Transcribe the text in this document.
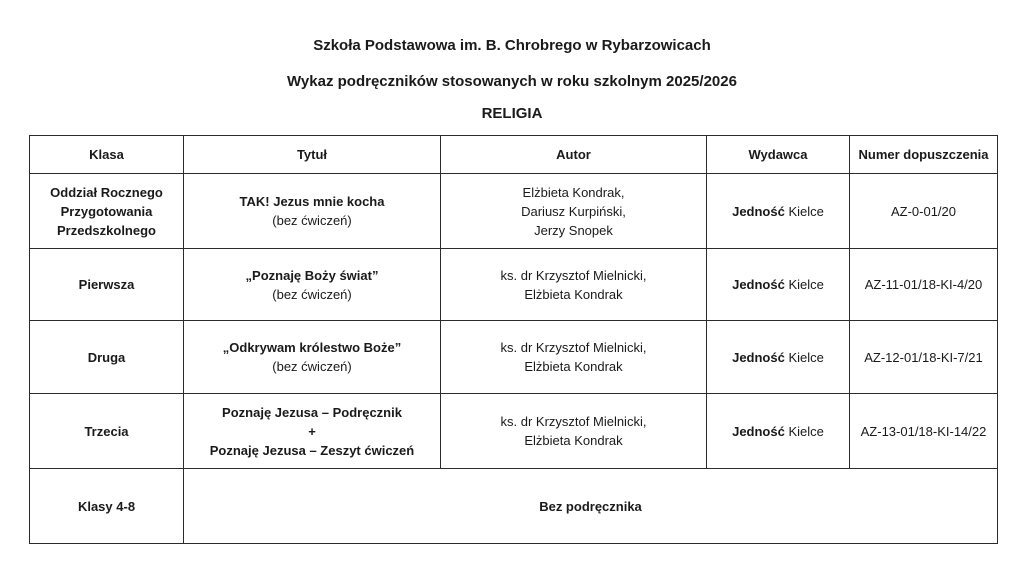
Szkoła Podstawowa im. B. Chrobrego w Rybarzowicach
Wykaz podręczników stosowanych w roku szkolnym 2025/2026
RELIGIA
Klasa	Tytuł	Autor	Wydawca	Numer dopuszczenia

Oddział Rocznego
Przygotowania
Przedszkolnego	TAK! Jezus mnie kocha
(bez ćwiczeń)	Elżbieta Kondrak,
Dariusz Kurpiński,
Jerzy Snopek	Jedność Kielce	AZ-0-01/20

Pierwsza	„Poznaję Boży świat”
(bez ćwiczeń)	ks. dr Krzysztof Mielnicki,
Elżbieta Kondrak	Jedność Kielce	AZ-11-01/18-KI-4/20

Druga	„Odkrywam królestwo Boże”
(bez ćwiczeń)	ks. dr Krzysztof Mielnicki,
Elżbieta Kondrak	Jedność Kielce	AZ-12-01/18-KI-7/21

Trzecia	Poznaję Jezusa – Podręcznik
+
Poznaję Jezusa – Zeszyt ćwiczeń	ks. dr Krzysztof Mielnicki,
Elżbieta Kondrak	Jedność Kielce	AZ-13-01/18-KI-14/22
Klasy 4-8	Bez podręcznika			
